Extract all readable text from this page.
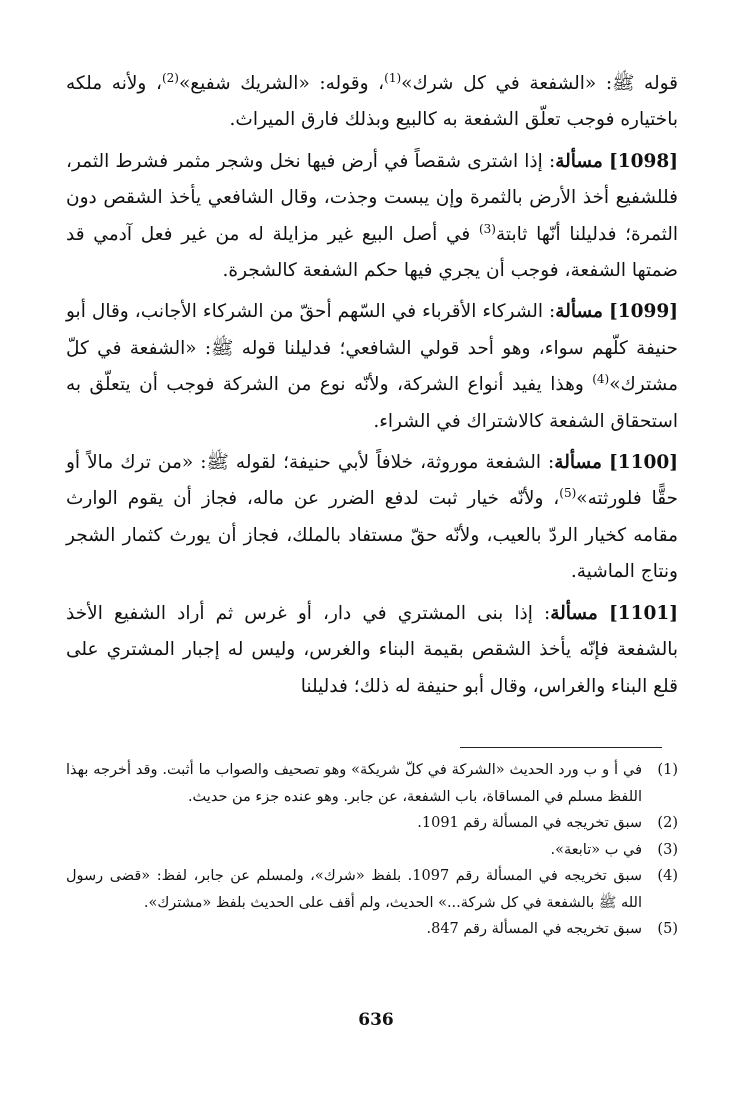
قوله ﷺ: «الشفعة في كل شرك»$^{(1)}$، وقوله: «الشريك شفيع»$^{(2)}$، ولأنه ملكه باختياره فوجب تعلّق الشفعة به كالبيع وبذلك فارق الميراث.

[1098] مسألة: إذا اشترى شقصاً في أرض فيها نخل وشجر مثمر فشرط الثمر، فللشفيع أخذ الأرض بالثمرة وإن يبست وجذت، وقال الشافعي يأخذ الشقص دون الثمرة؛ فدليلنا أنّها ثابتة$^{(3)}$ في أصل البيع غير مزايلة له من غير فعل آدمي قد ضمتها الشفعة، فوجب أن يجري فيها حكم الشفعة كالشجرة.

[1099] مسألة: الشركاء الأقرباء في السّهم أحقّ من الشركاء الأجانب، وقال أبو حنيفة كلّهم سواء، وهو أحد قولي الشافعي؛ فدليلنا قوله ﷺ: «الشفعة في كلّ مشترك»$^{(4)}$ وهذا يفيد أنواع الشركة، ولأنّه نوع من الشركة فوجب أن يتعلّق به استحقاق الشفعة كالاشتراك في الشراء.

[1100] مسألة: الشفعة موروثة، خلافاً لأبي حنيفة؛ لقوله ﷺ: «من ترك مالاً أو حقًّا فلورثته»$^{(5)}$، ولأنّه خيار ثبت لدفع الضرر عن ماله، فجاز أن يقوم الوارث مقامه كخيار الردّ بالعيب، ولأنّه حقّ مستفاد بالملك، فجاز أن يورث كثمار الشجر ونتاج الماشية.

[1101] مسألة: إذا بنى المشتري في دار، أو غرس ثم أراد الشفيع الأخذ بالشفعة فإنّه يأخذ الشقص بقيمة البناء والغرس، وليس له إجبار المشتري على قلع البناء والغراس، وقال أبو حنيفة له ذلك؛ فدليلنا

(1)
في أ و ب ورد الحديث «الشركة في كلّ شريكة» وهو تصحيف والصواب ما أثبت. وقد أخرجه بهذا اللفظ مسلم في المساقاة، باب الشفعة، عن جابر. وهو عنده جزء من حديث.
(2)
سبق تخريجه في المسألة رقم 1091.
(3)
في ب «تابعة».
(4)
سبق تخريجه في المسألة رقم 1097. بلفظ «شرك»، ولمسلم عن جابر، لفظ: «قضى رسول الله ﷺ بالشفعة في كل شركة...» الحديث، ولم أقف على الحديث بلفظ «مشترك».
(5)
سبق تخريجه في المسألة رقم 847.
636
